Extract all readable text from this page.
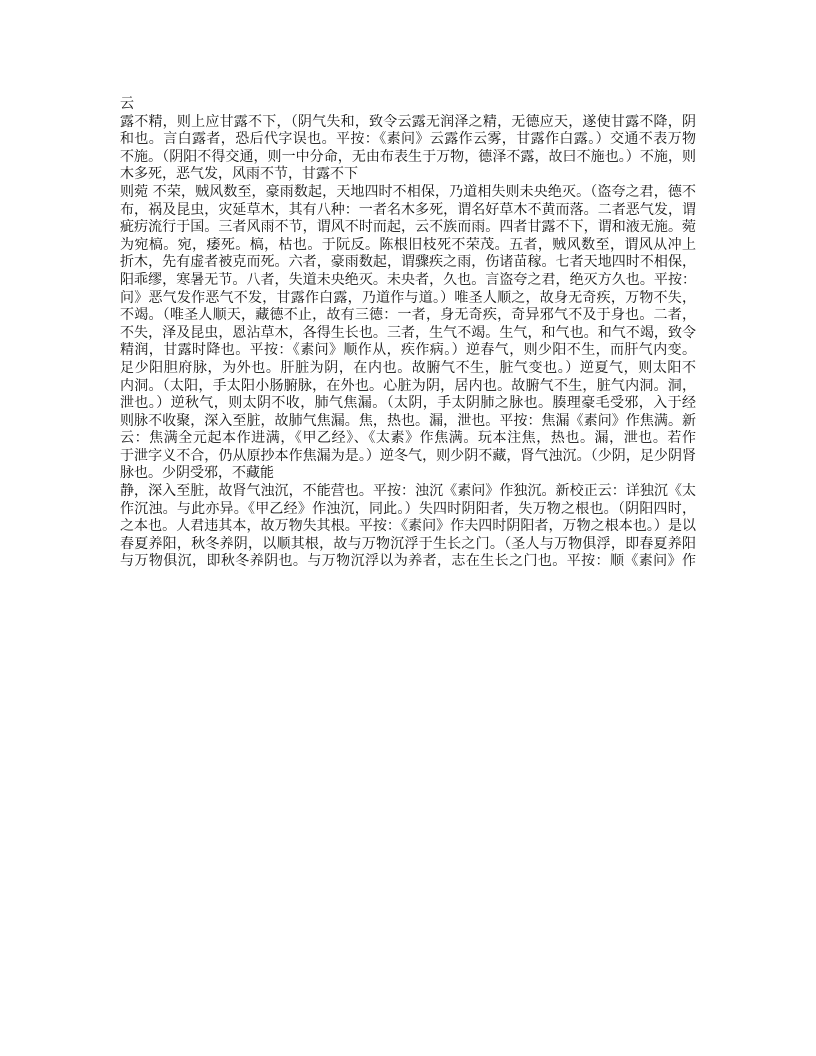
云
露不精，则上应甘露不下，（阴气失和，致令云露无润泽之精，无德应天，遂使甘露不降，阴
和也。言白露者，恐后代字误也。平按：《素问》云露作云雾，甘露作白露。）交通不表万物
不施。（阴阳不得交通，则一中分命，无由布表生于万物，德泽不露，故曰不施也。）不施，则
木多死，恶气发，风雨不节，甘露不下
则菀 不荣，贼风数至，豪雨数起，天地四时不相保，乃道相失则未央绝灭。（盗夸之君，德不
布，祸及昆虫，灾延草木，其有八种：一者名木多死，谓名好草木不黄而落。二者恶气发，谓
疵疠流行于国。三者风雨不节，谓风不时而起，云不族而雨。四者甘露不下，谓和液无施。菀
为宛槁。宛，痿死。槁，枯也。于阮反。陈根旧枝死不荣茂。五者，贼风数至，谓风从冲上
折木，先有虚者被克而死。六者，豪雨数起，谓骤疾之雨，伤诸苗稼。七者天地四时不相保，
阳乖缪，寒暑无节。八者，失道未央绝灭。未央者，久也。言盗夸之君，绝灭方久也。平按：
问》恶气发作恶气不发，甘露作白露，乃道作与道。）唯圣人顺之，故身无奇疾，万物不失，
不竭。（唯圣人顺天，藏德不止，故有三德：一者，身无奇疾，奇异邪气不及于身也。二者，
不失，泽及昆虫，恩沾草木，各得生长也。三者，生气不竭。生气，和气也。和气不竭，致令
精润，甘露时降也。平按：《素问》顺作从，疾作病。）逆春气，则少阳不生，而肝气内变。
足少阳胆府脉，为外也。肝脏为阴，在内也。故腑气不生，脏气变也。）逆夏气，则太阳不
内洞。（太阳，手太阳小肠腑脉，在外也。心脏为阴，居内也。故腑气不生，脏气内洞。洞，
泄也。）逆秋气，则太阴不收，肺气焦漏。（太阴，手太阴肺之脉也。腠理豪毛受邪，入于经
则脉不收聚，深入至脏，故肺气焦漏。焦，热也。漏，泄也。平按：焦漏《素问》作焦满。新
云：焦满全元起本作进满，《甲乙经》、《太素》作焦满。玩本注焦，热也。漏，泄也。若作
于泄字义不合，仍从原抄本作焦漏为是。）逆冬气，则少阴不藏，肾气浊沉。（少阴，足少阴肾
脉也。少阴受邪，不藏能
静，深入至脏，故肾气浊沉，不能营也。平按：浊沉《素问》作独沉。新校正云：详独沉《太
作沉浊。与此亦异。《甲乙经》作浊沉，同此。）失四时阴阳者，失万物之根也。（阴阳四时，
之本也。人君违其本，故万物失其根。平按：《素问》作夫四时阴阳者，万物之根本也。）是以
春夏养阳，秋冬养阴，以顺其根，故与万物沉浮于生长之门。（圣人与万物俱浮，即春夏养阳
与万物俱沉，即秋冬养阴也。与万物沉浮以为养者，志在生长之门也。平按：顺《素问》作
